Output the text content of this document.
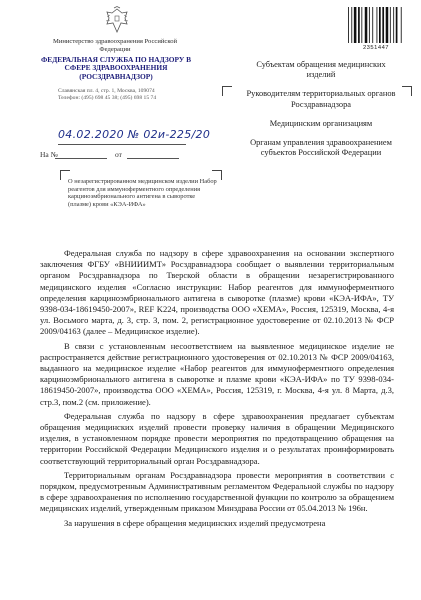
Министерство здравоохранения Российской Федерации
ФЕДЕРАЛЬНАЯ СЛУЖБА ПО НАДЗОРУ В СФЕРЕ ЗДРАВООХРАНЕНИЯ (РОСЗДРАВНАДЗОР)
Славянская пл. 4, стр. 1, Москва, 109074
Телефон: (495) 698 45 38; (495) 698 15 74
04.02.2020 № 02и-225/20
На №	от
О незарегистрированном медицинском изделии Набор реагентов для иммуноферментного определения карциноэмбрионального антигена в сыворотке (плазме) крови «КЭА-ИФА»
2351447

Субъектам обращения медицинских изделий

Руководителям территориальных органов Росздравнадзора

Медицинским организациям

Органам управления здравоохранением субъектов Российской Федерации

Федеральная служба по надзору в сфере здравоохранения на основании экспертного заключения ФГБУ «ВНИИИМТ» Росздравнадзора сообщает о выявлении территориальным органом Росздравнадзора по Тверской области в обращении незарегистрированного медицинского изделия «Согласно инструкции: Набор реагентов для иммуноферментного определения карциноэмбрионального антигена в сыворотке (плазме) крови «КЭА-ИФА», ТУ 9398-034-18619450-2007», REF K224, производства ООО «ХЕМА», Россия, 125319, Москва, 4-я ул. Восьмого марта, д. 3, стр. 3, пом. 2, регистрационное удостоверение от 02.10.2013 № ФСР 2009/04163 (далее – Медицинское изделие).

В связи с установленным несоответствием на выявленное медицинское изделие не распространяется действие регистрационного удостоверения от 02.10.2013 № ФСР 2009/04163, выданного на медицинское изделие «Набор реагентов для иммуноферментного определения карциноэмбрионального антигена в сыворотке и плазме крови «КЭА-ИФА» по ТУ 9398-034-18619450-2007», производства ООО «ХЕМА», Россия, 125319, г. Москва, 4-я ул. 8 Марта, д.3, стр.3, пом.2 (см. приложение).

Федеральная служба по надзору в сфере здравоохранения предлагает субъектам обращения медицинских изделий провести проверку наличия в обращении Медицинского изделия, в установленном порядке провести мероприятия по предотвращению обращения на территории Российской Федерации Медицинского изделия и о результатах проинформировать соответствующий территориальный орган Росздравнадзора.

Территориальным органам Росздравнадзора провести мероприятия в соответствии с порядком, предусмотренным Административным регламентом Федеральной службы по надзору в сфере здравоохранения по исполнению государственной функции по контролю за обращением медицинских изделий, утвержденным приказом Минздрава России от 05.04.2013 № 196н.

За нарушения в сфере обращения медицинских изделий предусмотрена
